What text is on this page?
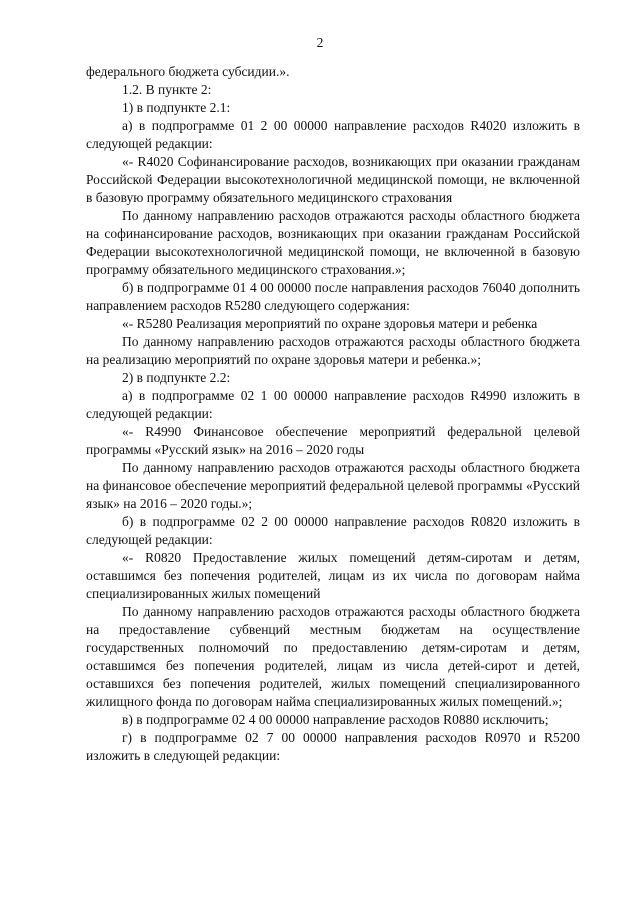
2

федерального бюджета субсидии.».

1.2. В пункте 2:

1) в подпункте 2.1:

а) в подпрограмме 01 2 00 00000 направление расходов R4020 изложить в следующей редакции:

«- R4020 Софинансирование расходов, возникающих при оказании гражданам Российской Федерации высокотехнологичной медицинской помощи, не включенной в базовую программу обязательного медицинского страхования

По данному направлению расходов отражаются расходы областного бюджета на софинансирование расходов, возникающих при оказании гражданам Российской Федерации высокотехнологичной медицинской помощи, не включенной в базовую программу обязательного медицинского страхования.»;

б) в подпрограмме 01 4 00 00000 после направления расходов 76040 дополнить направлением расходов R5280 следующего содержания:

«- R5280 Реализация мероприятий по охране здоровья матери и ребенка

По данному направлению расходов отражаются расходы областного бюджета на реализацию мероприятий по охране здоровья матери и ребенка.»;

2) в подпункте 2.2:

а) в подпрограмме 02 1 00 00000 направление расходов R4990 изложить в следующей редакции:

«- R4990 Финансовое обеспечение мероприятий федеральной целевой программы «Русский язык» на 2016 – 2020 годы

По данному направлению расходов отражаются расходы областного бюджета на финансовое обеспечение мероприятий федеральной целевой программы «Русский язык» на 2016 – 2020 годы.»;

б) в подпрограмме 02 2 00 00000 направление расходов R0820 изложить в следующей редакции:

«- R0820 Предоставление жилых помещений детям-сиротам и детям, оставшимся без попечения родителей, лицам из их числа по договорам найма специализированных жилых помещений

По данному направлению расходов отражаются расходы областного бюджета на предоставление субвенций местным бюджетам на осуществление государственных полномочий по предоставлению детям-сиротам и детям, оставшимся без попечения родителей, лицам из числа детей-сирот и детей, оставшихся без попечения родителей, жилых помещений специализированного жилищного фонда по договорам найма специализированных жилых помещений.»;

в) в подпрограмме 02 4 00 00000 направление расходов R0880 исключить;

г) в подпрограмме 02 7 00 00000 направления расходов R0970 и R5200 изложить в следующей редакции:
